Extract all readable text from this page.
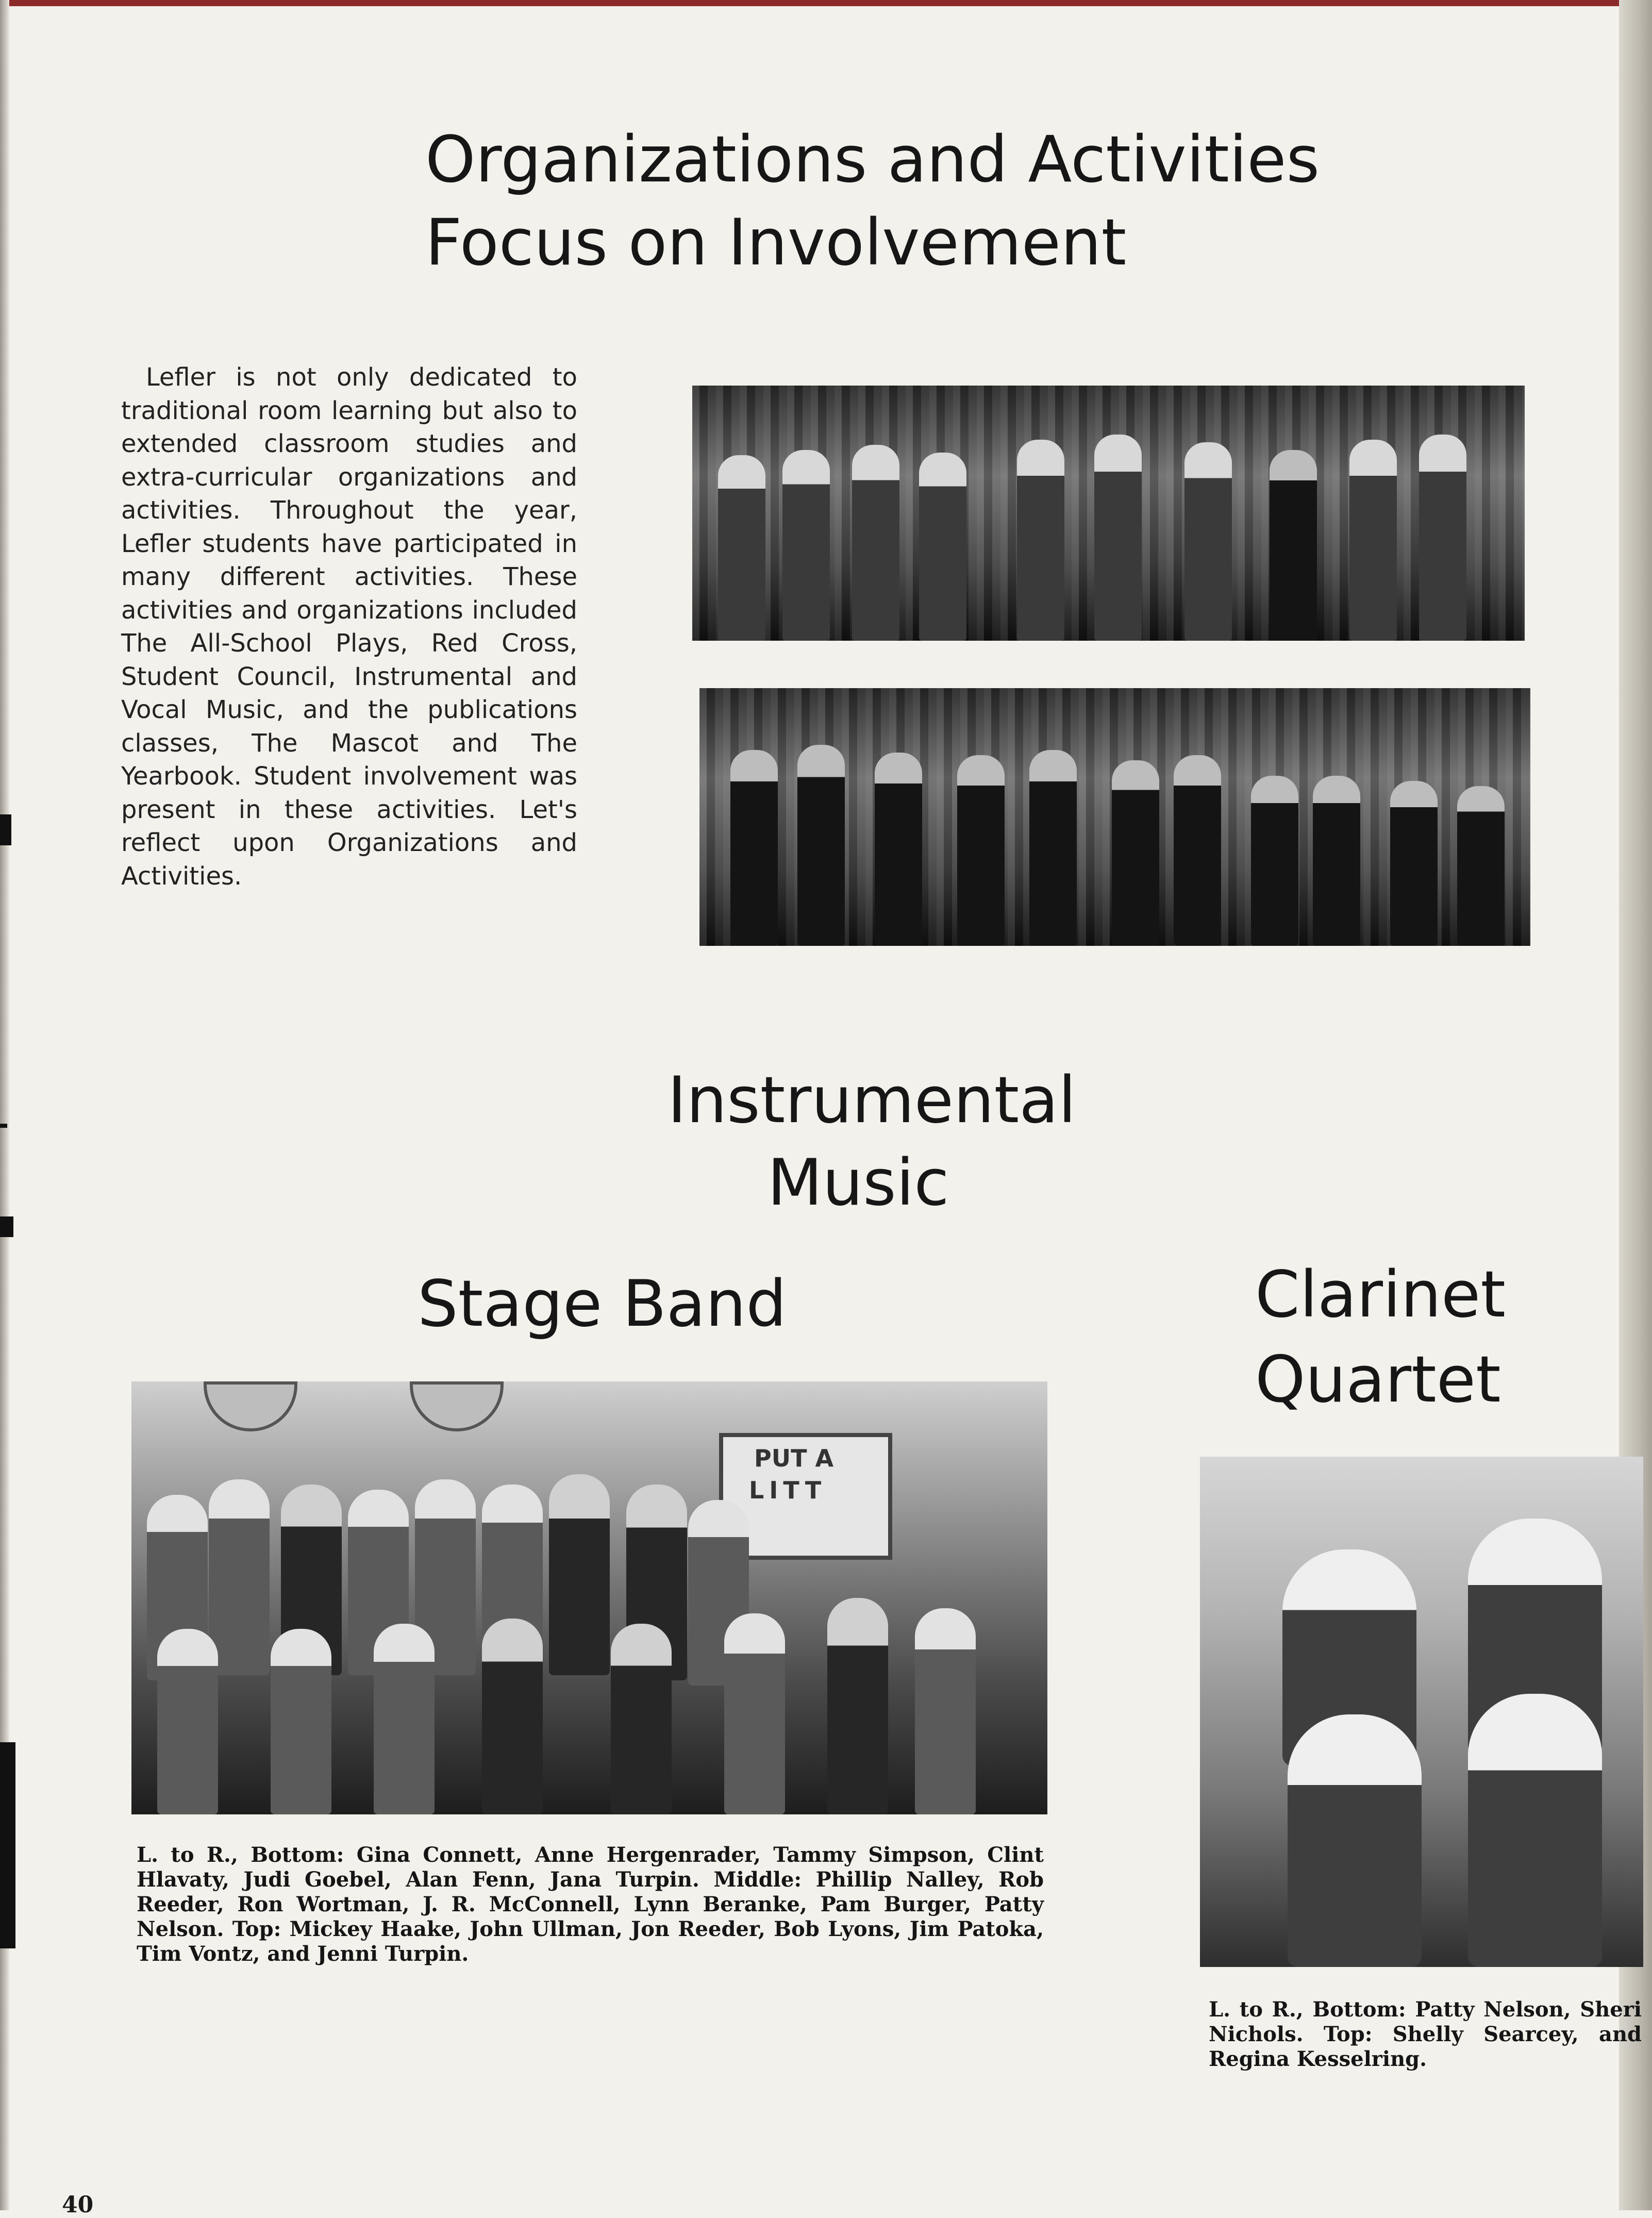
Organizations and Activities
Focus on Involvement

Lefler is not only dedicated to traditional room learning but also to extended classroom studies and extra-curricular organizations and activities. Throughout the year, Lefler students have participated in many different activities. These activities and organizations included The All-School Plays, Red Cross, Student Council, Instrumental and Vocal Music, and the publications classes, The Mascot and The Yearbook. Student involvement was present in these activities. Let's reflect upon Organizations and Activities.

Instrumental
Music
Stage Band	Clarinet
Quartet
PUT A
LITT

L. to R., Bottom: Gina Connett, Anne Hergenrader, Tammy Simpson, Clint Hlavaty, Judi Goebel, Alan Fenn, Jana Turpin. Middle: Phillip Nalley, Rob Reeder, Ron Wortman, J. R. McConnell, Lynn Beranke, Pam Burger, Patty Nelson. Top: Mickey Haake, John Ullman, Jon Reeder, Bob Lyons, Jim Patoka, Tim Vontz, and Jenni Turpin.

L. to R., Bottom: Patty Nelson, Sheri Nichols. Top: Shelly Searcey, and Regina Kesselring.

40
